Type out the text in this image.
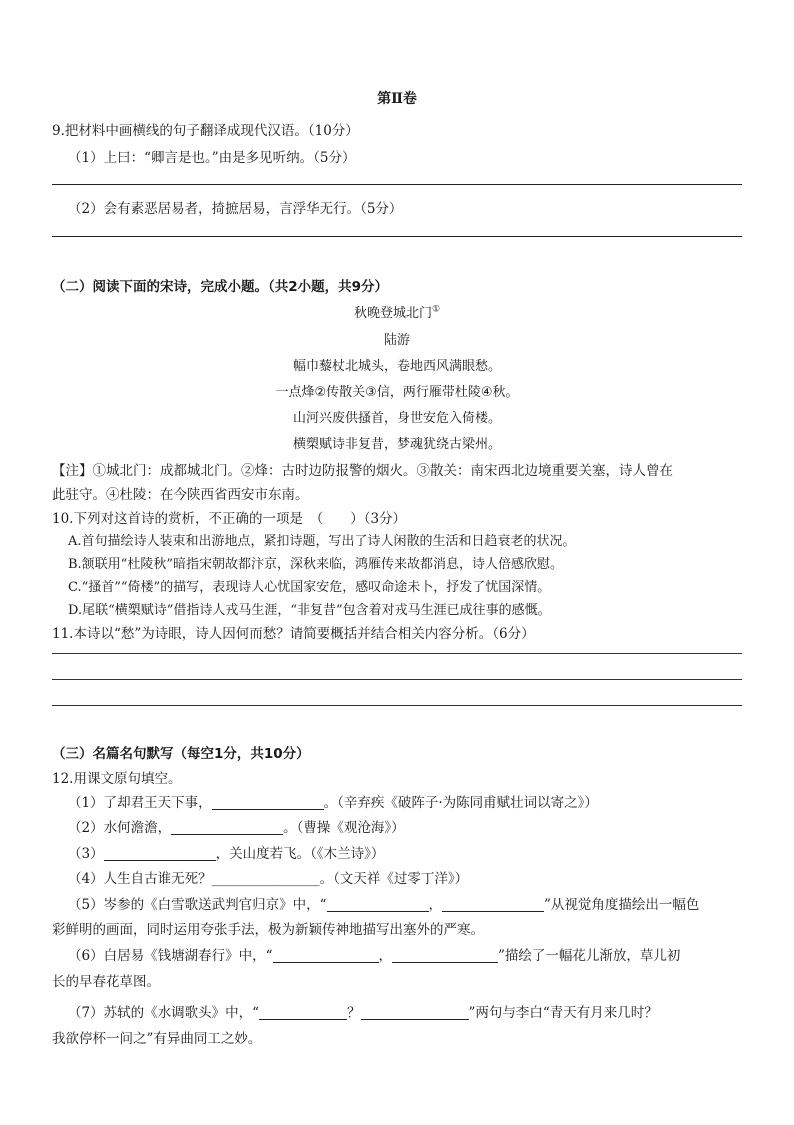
第Ⅱ卷
9.把材料中画横线的句子翻译成现代汉语。（10分）
（1）上曰：“卿言是也。”由是多见听纳。（5分）
（2）会有素恶居易者，掎摭居易，言浮华无行。（5分）
（二）阅读下面的宋诗，完成小题。（共2小题，共9分）
秋晚登城北门①
陆游
幅巾藜杖北城头，卷地西风满眼愁。
一点烽②传散关③信，两行雁带杜陵④秋。
山河兴废供搔首，身世安危入倚楼。
横槊赋诗非复昔，梦魂犹绕古梁州。
【注】①城北门：成都城北门。②烽：古时边防报警的烟火。③散关：南宋西北边境重要关塞，诗人曾在
此驻守。④杜陵：在今陕西省西安市东南。
10.下列对这首诗的赏析，不正确的一项是　（　　）（3分）
A.首句描绘诗人装束和出游地点，紧扣诗题，写出了诗人闲散的生活和日趋衰老的状况。
B.颔联用“杜陵秋”暗指宋朝故都汴京，深秋来临，鸿雁传来故都消息，诗人倍感欣慰。
C.“搔首”“倚楼”的描写，表现诗人心忧国家安危，感叹命途未卜，抒发了忧国深情。
D.尾联“横槊赋诗”借指诗人戎马生涯，“非复昔”包含着对戎马生涯已成往事的感慨。
11.本诗以“愁”为诗眼，诗人因何而愁？请简要概括并结合相关内容分析。（6分）
（三）名篇名句默写（每空1分，共10分）
12.用课文原句填空。
（1）了却君王天下事，	。（辛弃疾《破阵子·为陈同甫赋壮词以寄之》）
（2）水何澹澹，	。（曹操《观沧海》）
（3）	，关山度若飞。（《木兰诗》）
（4）人生自古谁无死？________________。（文天祥《过零丁洋》）
（5）岑参的《白雪歌送武判官归京》中，“	，	”从视觉角度描绘出一幅色
彩鲜明的画面，同时运用夸张手法，极为新颖传神地描写出塞外的严寒。
（6）白居易《钱塘湖春行》中，“	，	”描绘了一幅花儿渐放，草儿初
长的早春花草图。
（7）苏轼的《水调歌头》中，“	？	”两句与李白“青天有月来几时？
我欲停杯一问之”有异曲同工之妙。
